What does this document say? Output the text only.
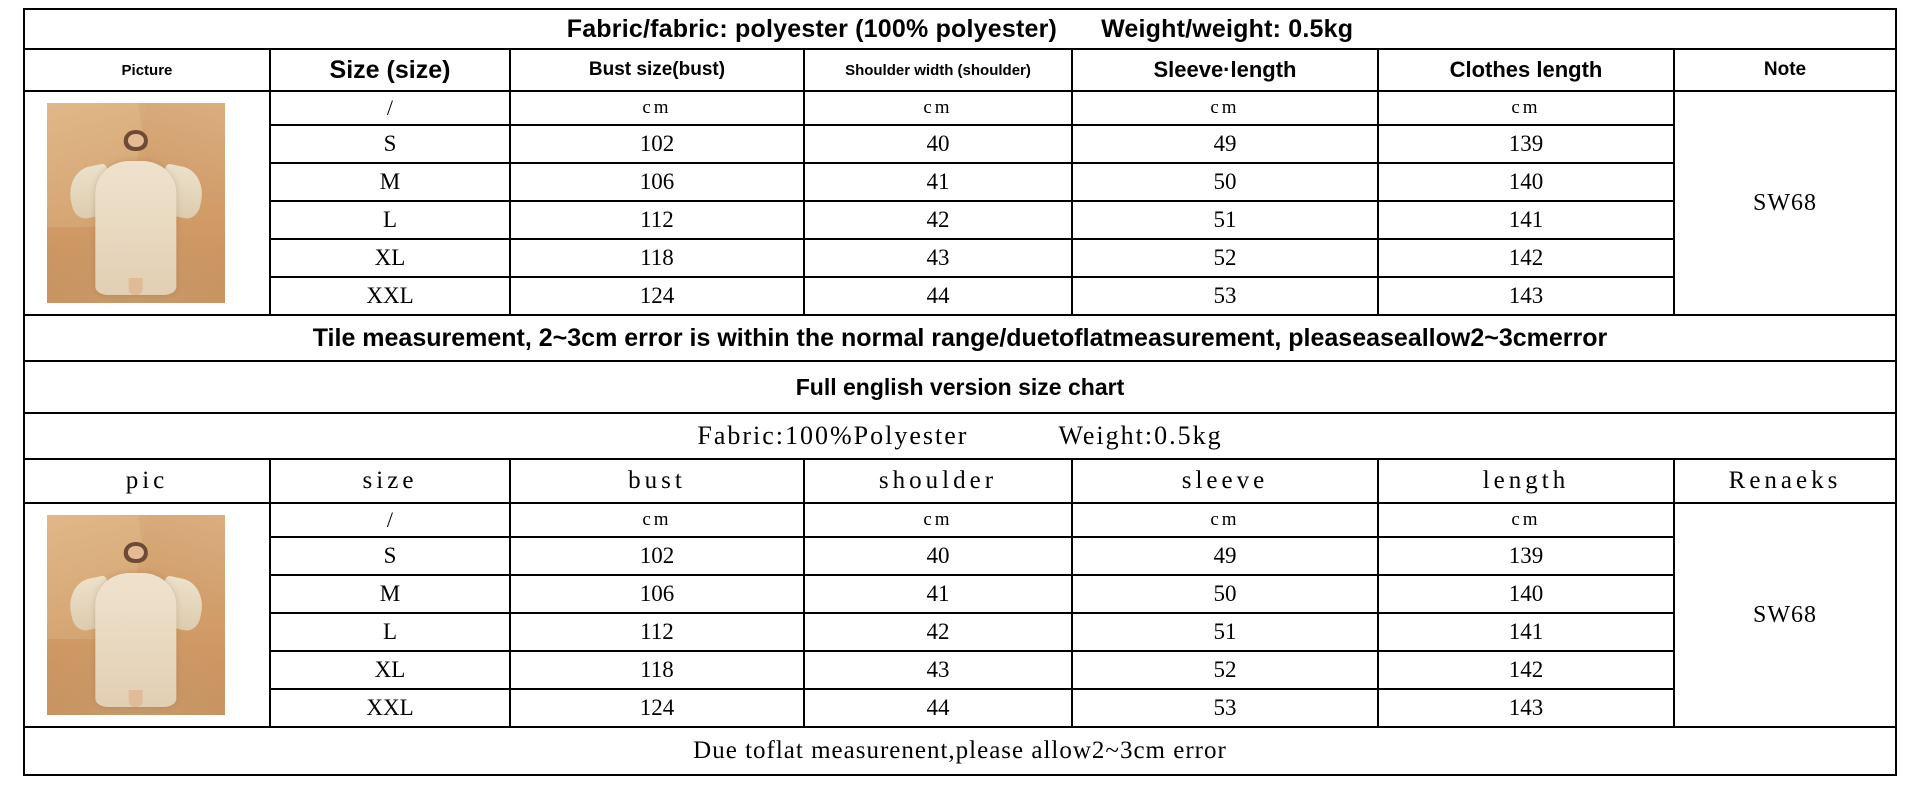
Fabric/fabric: polyester (100% polyester) Weight/weight: 0.5kg						
Picture	Size (size)	Bust size(bust)	Shoulder width (shoulder)	Sleeve·length	Clothes length	Note

	/	cm	cm	cm	cm	SW68
	S	102	40	49	139	
	M	106	41	50	140	
	L	112	42	51	141	
	XL	118	43	52	142	
	XXL	124	44	53	143	
Tile measurement, 2~3cm error is within the normal range/duetoflatmeasurement, pleaseaseallow2~3cmerror						
Full english version size chart						
Fabric:100%Polyester Weight:0.5kg						
pic	size	bust	shoulder	sleeve	length	Renaeks

	/	cm	cm	cm	cm	SW68
	S	102	40	49	139	
	M	106	41	50	140	
	L	112	42	51	141	
	XL	118	43	52	142	
	XXL	124	44	53	143	
Due toflat measurenent,please allow2~3cm error						
